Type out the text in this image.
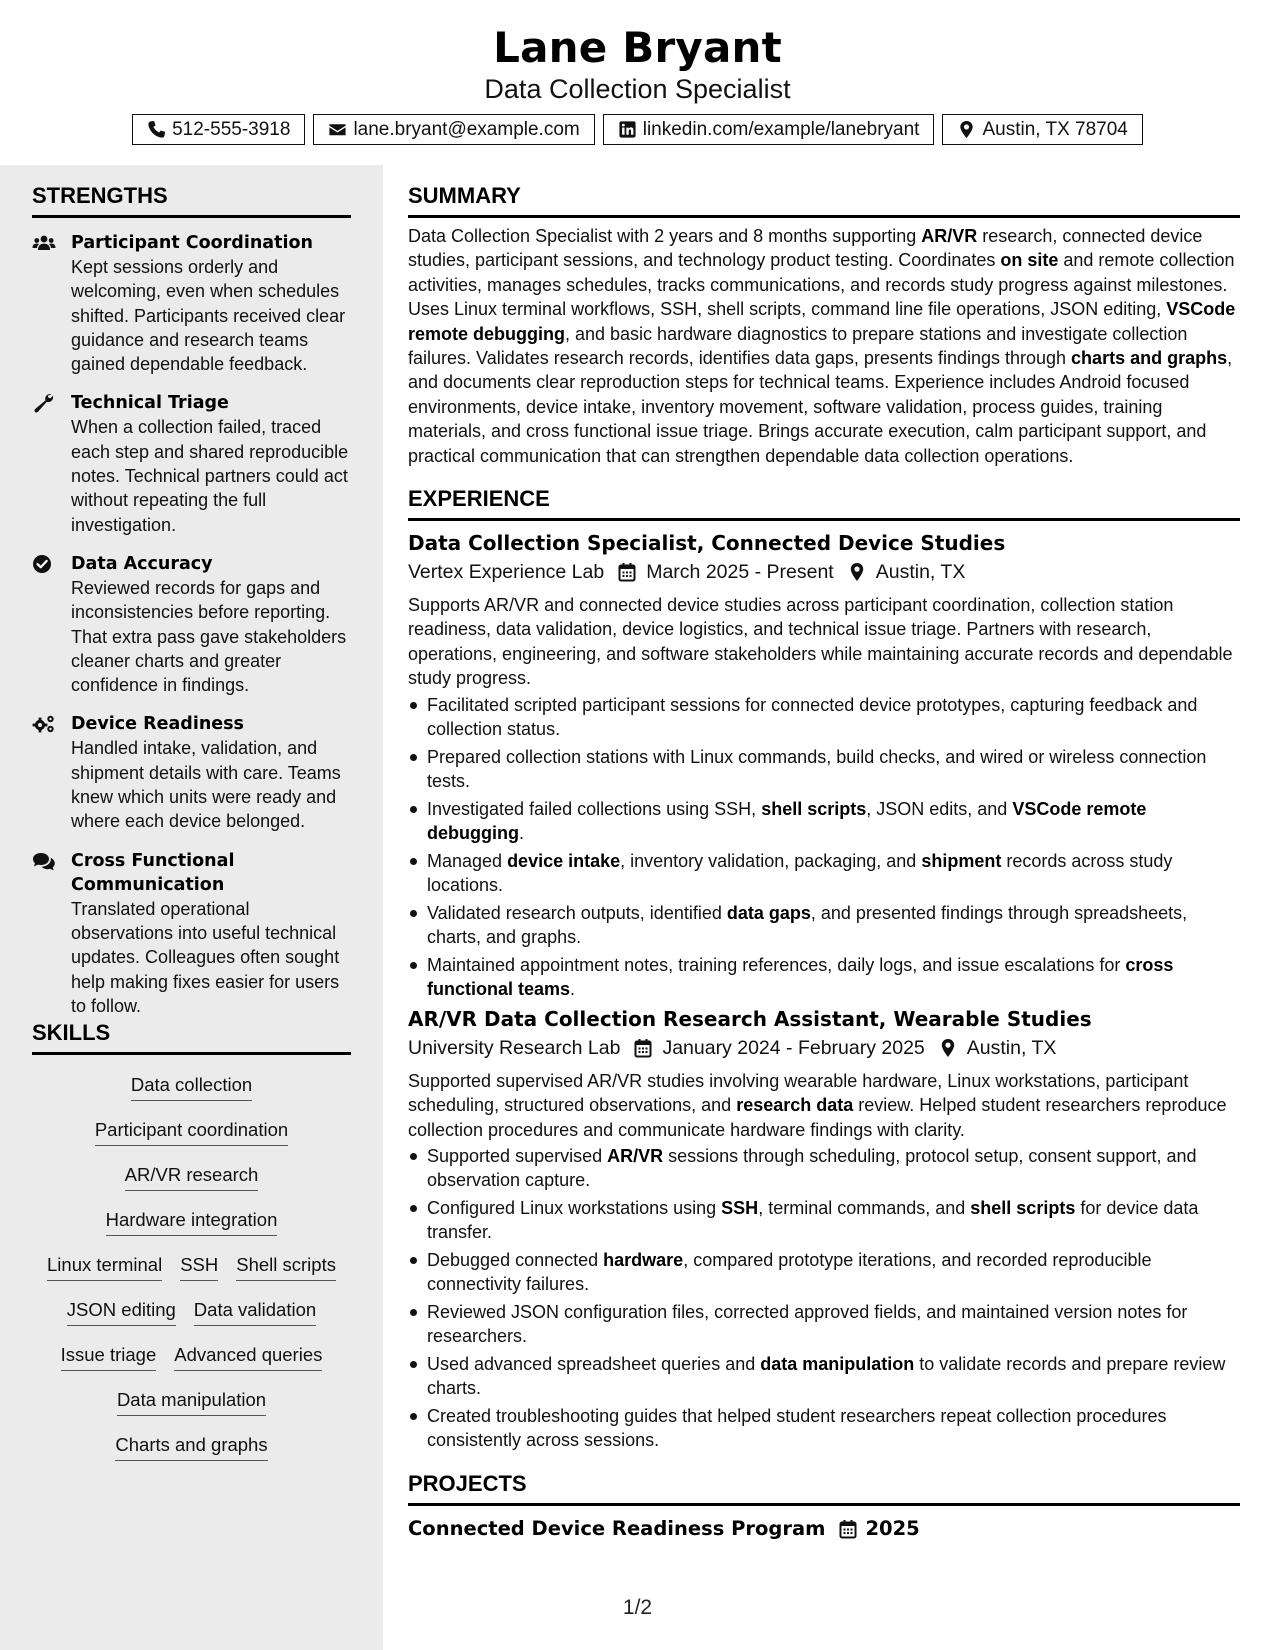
Lane Bryant
Data Collection Specialist
512-555-3918	lane.bryant@example.com	linkedin.com/example/lanebryant	Austin, TX 78704
STRENGTHS
Participant Coordination
Kept sessions orderly and welcoming, even when schedules shifted. Participants received clear guidance and research teams gained dependable feedback.
Technical Triage
When a collection failed, traced each step and shared reproducible notes. Technical partners could act without repeating the full investigation.
Data Accuracy
Reviewed records for gaps and inconsistencies before reporting. That extra pass gave stakeholders cleaner charts and greater confidence in findings.
Device Readiness
Handled intake, validation, and shipment details with care. Teams knew which units were ready and where each device belonged.
Cross Functional Communication
Translated operational observations into useful technical updates. Colleagues often sought help making fixes easier for users to follow.
SKILLS
Data collection
Participant coordination
AR/VR research
Hardware integration
Linux terminal SSH Shell scripts
JSON editing Data validation
Issue triage Advanced queries
Data manipulation
Charts and graphs
SUMMARY

Data Collection Specialist with 2 years and 8 months supporting AR/VR research, connected device studies, participant sessions, and technology product testing. Coordinates on site and remote collection activities, manages schedules, tracks communications, and records study progress against milestones. Uses Linux terminal workflows, SSH, shell scripts, command line file operations, JSON editing, VSCode remote debugging, and basic hardware diagnostics to prepare stations and investigate collection failures. Validates research records, identifies data gaps, presents findings through charts and graphs, and documents clear reproduction steps for technical teams. Experience includes Android focused environments, device intake, inventory movement, software validation, process guides, training materials, and cross functional issue triage. Brings accurate execution, calm participant support, and practical communication that can strengthen dependable data collection operations.

EXPERIENCE
Data Collection Specialist, Connected Device Studies
Vertex Experience Lab March 2025 - Present Austin, TX

Supports AR/VR and connected device studies across participant coordination, collection station readiness, data validation, device logistics, and technical issue triage. Partners with research, operations, engineering, and software stakeholders while maintaining accurate records and dependable study progress.

Facilitated scripted participant sessions for connected device prototypes, capturing feedback and collection status.
Prepared collection stations with Linux commands, build checks, and wired or wireless connection tests.
Investigated failed collections using SSH, shell scripts, JSON edits, and VSCode remote debugging.
Managed device intake, inventory validation, packaging, and shipment records across study locations.
Validated research outputs, identified data gaps, and presented findings through spreadsheets, charts, and graphs.
Maintained appointment notes, training references, daily logs, and issue escalations for cross functional teams.
AR/VR Data Collection Research Assistant, Wearable Studies
University Research Lab January 2024 - February 2025 Austin, TX

Supported supervised AR/VR studies involving wearable hardware, Linux workstations, participant scheduling, structured observations, and research data review. Helped student researchers reproduce collection procedures and communicate hardware findings with clarity.

Supported supervised AR/VR sessions through scheduling, protocol setup, consent support, and observation capture.
Configured Linux workstations using SSH, terminal commands, and shell scripts for device data transfer.
Debugged connected hardware, compared prototype iterations, and recorded reproducible connectivity failures.
Reviewed JSON configuration files, corrected approved fields, and maintained version notes for researchers.
Used advanced spreadsheet queries and data manipulation to validate records and prepare review charts.
Created troubleshooting guides that helped student researchers repeat collection procedures consistently across sessions.
PROJECTS
Connected Device Readiness Program 2025
1/2
